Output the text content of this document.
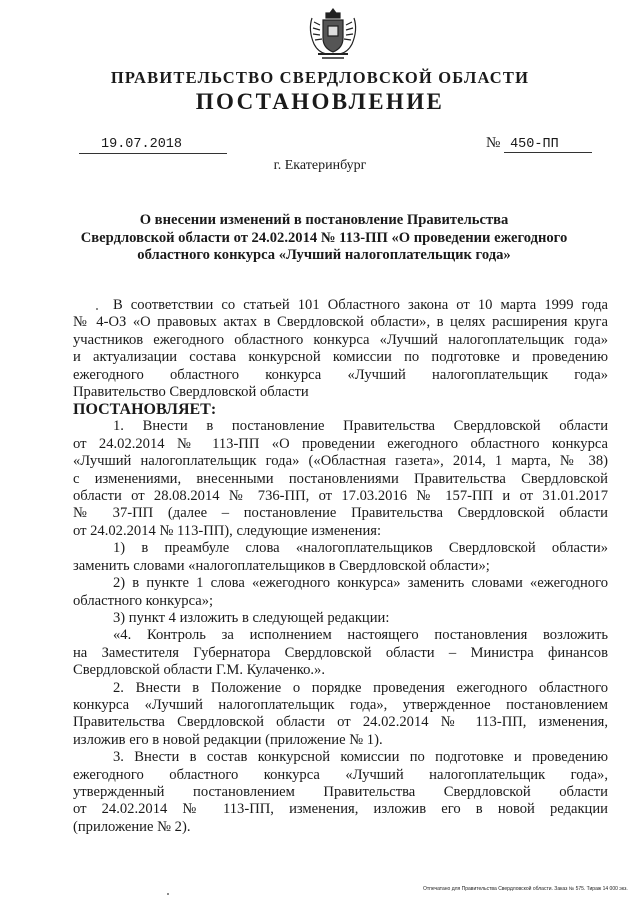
ПРАВИТЕЛЬСТВО СВЕРДЛОВСКОЙ ОБЛАСТИ
ПОСТАНОВЛЕНИЕ
19.07.2018	№ 450-ПП
г. Екатеринбург
О внесении изменений в постановление Правительства
Свердловской области от 24.02.2014 № 113-ПП «О проведении ежегодного
областного конкурса «Лучший налогоплательщик года»

В соответствии со статьей 101 Областного закона от 10 марта 1999 года

№ 4-ОЗ «О правовых актах в Свердловской области», в целях расширения круга

участников ежегодного областного конкурса «Лучший налогоплательщик года»

и актуализации состава конкурсной комиссии по подготовке и проведению

ежегодного областного конкурса «Лучший налогоплательщик года»

Правительство Свердловской области

ПОСТАНОВЛЯЕТ:

1. Внести в постановление Правительства Свердловской области

от 24.02.2014 № 113-ПП «О проведении ежегодного областного конкурса

«Лучший налогоплательщик года» («Областная газета», 2014, 1 марта, № 38)

с изменениями, внесенными постановлениями Правительства Свердловской

области от 28.08.2014 № 736-ПП, от 17.03.2016 № 157-ПП и от 31.01.2017

№ 37-ПП (далее – постановление Правительства Свердловской области

от 24.02.2014 № 113-ПП), следующие изменения:

1) в преамбуле слова «налогоплательщиков Свердловской области»

заменить словами «налогоплательщиков в Свердловской области»;

2) в пункте 1 слова «ежегодного конкурса» заменить словами «ежегодного

областного конкурса»;

3) пункт 4 изложить в следующей редакции:

«4. Контроль за исполнением настоящего постановления возложить

на Заместителя Губернатора Свердловской области – Министра финансов

Свердловской области Г.М. Кулаченко.».

2. Внести в Положение о порядке проведения ежегодного областного

конкурса «Лучший налогоплательщик года», утвержденное постановлением

Правительства Свердловской области от 24.02.2014 № 113-ПП, изменения,

изложив его в новой редакции (приложение № 1).

3. Внести в состав конкурсной комиссии по подготовке и проведению

ежегодного областного конкурса «Лучший налогоплательщик года»,

утвержденный постановлением Правительства Свердловской области

от 24.02.2014 № 113-ПП, изменения, изложив его в новой редакции

(приложение № 2).

Отпечатано для Правительства Свердловской области. Заказ № 575. Тираж 14 000 экз.
